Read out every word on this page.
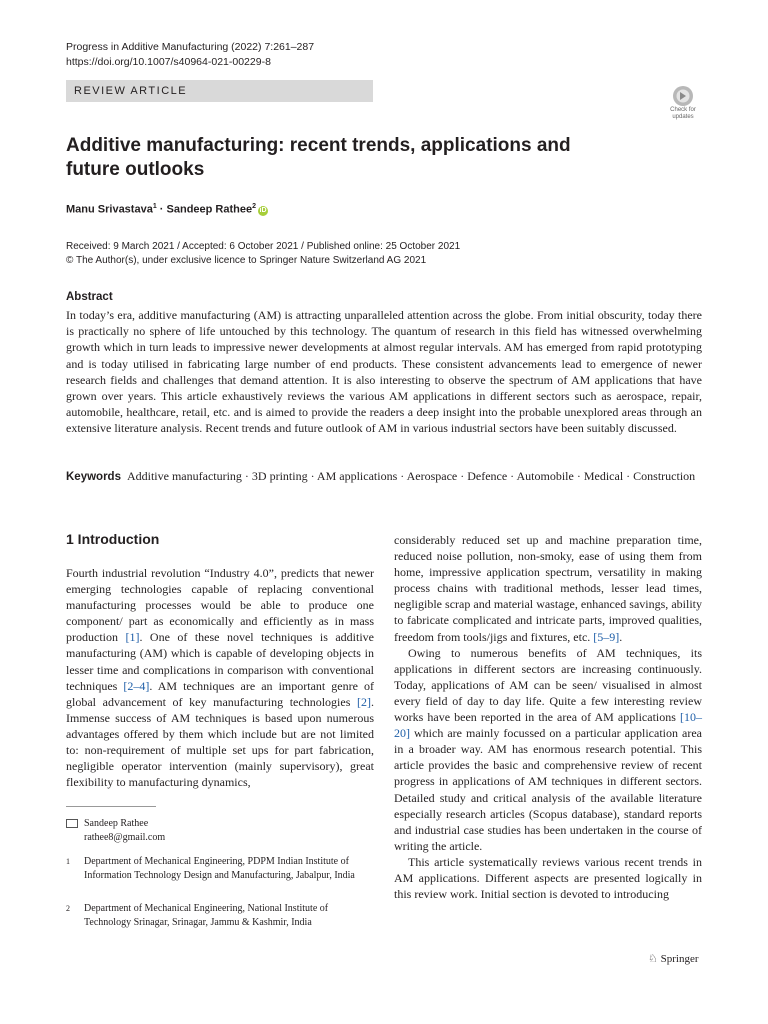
Progress in Additive Manufacturing (2022) 7:261–287
https://doi.org/10.1007/s40964-021-00229-8
REVIEW ARTICLE
Check for
updates
Additive manufacturing: recent trends, applications and future outlooks
Manu Srivastava$^1$ · Sandeep Rathee$^2$iD
Received: 9 March 2021 / Accepted: 6 October 2021 / Published online: 25 October 2021
© The Author(s), under exclusive licence to Springer Nature Switzerland AG 2021
Abstract

In today’s era, additive manufacturing (AM) is attracting unparalleled attention across the globe. From initial obscurity, today there is practically no sphere of life untouched by this technology. The quantum of research in this field has witnessed overwhelming growth which in turn leads to impressive newer developments at almost regular intervals. AM has emerged from rapid prototyping and is today utilised in fabricating large number of end products. These consistent advancements lead to emergence of newer research fields and challenges that demand attention. It is also interesting to observe the spectrum of AM applications that have grown over years. This article exhaustively reviews the various AM applications in different sectors such as aerospace, repair, automobile, healthcare, retail, etc. and is aimed to provide the readers a deep insight into the probable unexplored areas through an extensive literature analysis. Recent trends and future outlook of AM in various industrial sectors have been suitably discussed.

Keywords Additive manufacturing · 3D printing · AM applications · Aerospace · Defence · Automobile · Medical · Construction

1 Introduction

Fourth industrial revolution “Industry 4.0”, predicts that newer emerging technologies capable of replacing conventional manufacturing processes would be able to produce one component/ part as economically and efficiently as in mass production [1]. One of these novel techniques is additive manufacturing (AM) which is capable of developing objects in lesser time and complications in comparison with conventional techniques [2–4]. AM techniques are an important genre of global advancement of key manufacturing technologies [2]. Immense success of AM techniques is based upon numerous advantages offered by them which include but are not limited to: non-requirement of multiple set ups for part fabrication, negligible operator intervention (mainly supervisory), great flexibility to manufacturing dynamics,

considerably reduced set up and machine preparation time, reduced noise pollution, non-smoky, ease of using them from home, impressive application spectrum, versatility in making process chains with traditional methods, lesser lead times, negligible scrap and material wastage, enhanced savings, ability to fabricate complicated and intricate parts, improved qualities, freedom from tools/jigs and fixtures, etc. [5–9].

Owing to numerous benefits of AM techniques, its applications in different sectors are increasing continuously. Today, applications of AM can be seen/ visualised in almost every field of day to day life. Quite a few interesting review works have been reported in the area of AM applications [10–20] which are mainly focussed on a particular application area in a broader way. AM has enormous research potential. This article provides the basic and comprehensive review of recent progress in applications of AM techniques in different sectors. Detailed study and critical analysis of the available literature especially research articles (Scopus database), standard reports and industrial case studies has been undertaken in the course of writing the article.

This article systematically reviews various recent trends in AM applications. Different aspects are presented logically in this review work. Initial section is devoted to introducing

Sandeep Rathee
rathee8@gmail.com
1 Department of Mechanical Engineering, PDPM Indian Institute of Information Technology Design and Manufacturing, Jabalpur, India
2 Department of Mechanical Engineering, National Institute of Technology Srinagar, Srinagar, Jammu & Kashmir, India
♘ Springer
